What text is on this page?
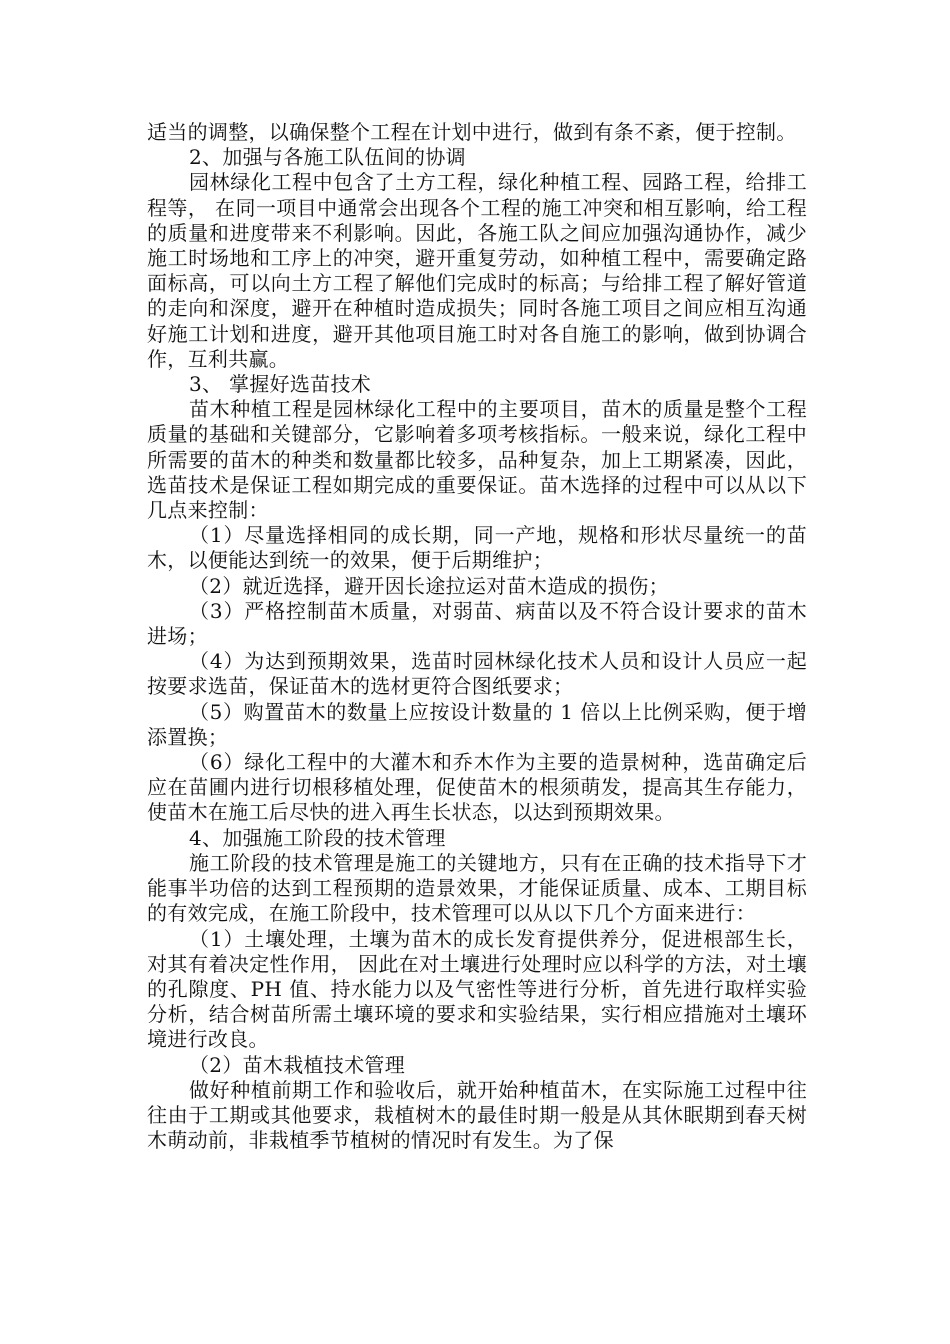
适当的调整，以确保整个工程在计划中进行，做到有条不紊，便于控制。

2、加强与各施工队伍间的协调

园林绿化工程中包含了土方工程，绿化种植工程、园路工程，给排工程等， 在同一项目中通常会出现各个工程的施工冲突和相互影响，给工程的质量和进度带来不利影响。因此，各施工队之间应加强沟通协作，减少施工时场地和工序上的冲突，避开重复劳动，如种植工程中，需要确定路面标高，可以向土方工程了解他们完成时的标高；与给排工程了解好管道的走向和深度，避开在种植时造成损失；同时各施工项目之间应相互沟通好施工计划和进度，避开其他项目施工时对各自施工的影响，做到协调合作，互利共赢。

3、 掌握好选苗技术

苗木种植工程是园林绿化工程中的主要项目，苗木的质量是整个工程质量的基础和关键部分，它影响着多项考核指标。一般来说，绿化工程中所需要的苗木的种类和数量都比较多，品种复杂，加上工期紧凑，因此，选苗技术是保证工程如期完成的重要保证。苗木选择的过程中可以从以下几点来控制：

（1）尽量选择相同的成长期，同一产地，规格和形状尽量统一的苗木，以便能达到统一的效果，便于后期维护；

（2）就近选择，避开因长途拉运对苗木造成的损伤；

（3）严格控制苗木质量，对弱苗、病苗以及不符合设计要求的苗木进场；

（4）为达到预期效果，选苗时园林绿化技术人员和设计人员应一起按要求选苗，保证苗木的选材更符合图纸要求；

（5）购置苗木的数量上应按设计数量的 1 倍以上比例采购，便于增添置换；

（6）绿化工程中的大灌木和乔木作为主要的造景树种，选苗确定后应在苗圃内进行切根移植处理，促使苗木的根须萌发，提高其生存能力，使苗木在施工后尽快的进入再生长状态，以达到预期效果。

4、加强施工阶段的技术管理

施工阶段的技术管理是施工的关键地方，只有在正确的技术指导下才能事半功倍的达到工程预期的造景效果，才能保证质量、成本、工期目标的有效完成，在施工阶段中，技术管理可以从以下几个方面来进行：

（1）土壤处理，土壤为苗木的成长发育提供养分，促进根部生长，对其有着决定性作用， 因此在对土壤进行处理时应以科学的方法，对土壤的孔隙度、PH 值、持水能力以及气密性等进行分析，首先进行取样实验分析，结合树苗所需土壤环境的要求和实验结果，实行相应措施对土壤环境进行改良。

（2）苗木栽植技术管理

做好种植前期工作和验收后，就开始种植苗木，在实际施工过程中往往由于工期或其他要求，栽植树木的最佳时期一般是从其休眠期到春天树木萌动前，非栽植季节植树的情况时有发生。为了保
